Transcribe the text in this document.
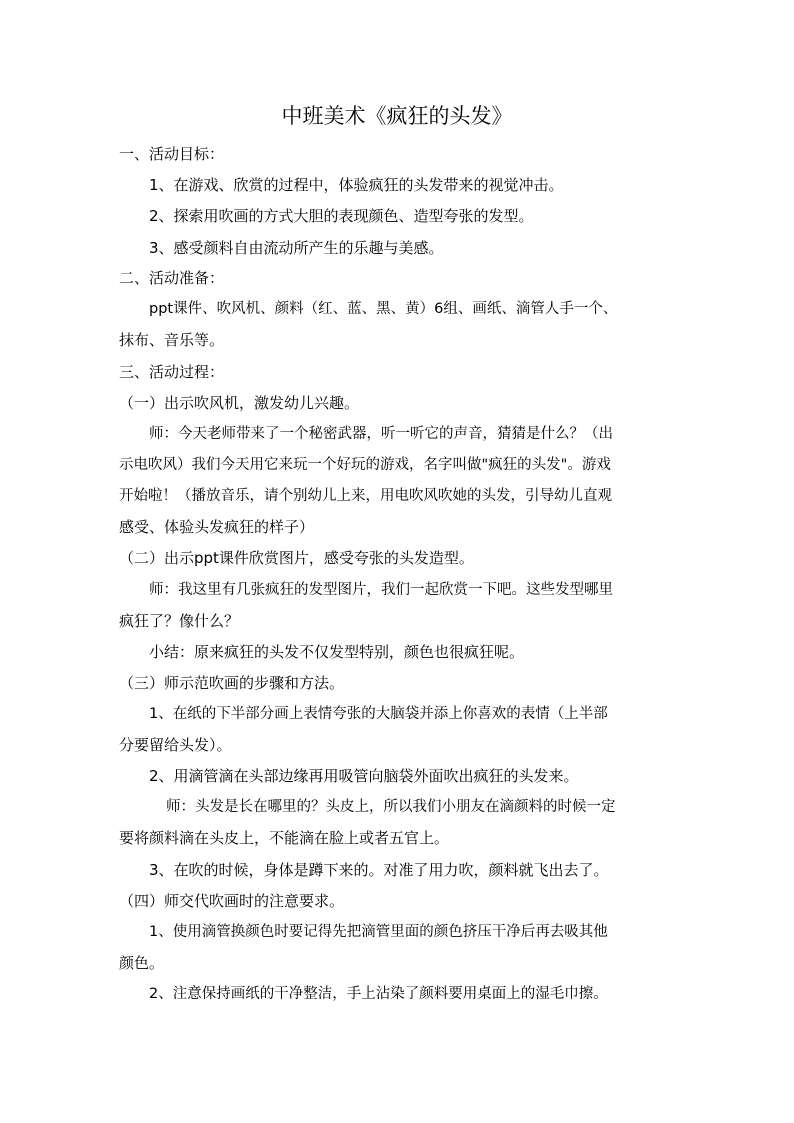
中班美术《疯狂的头发》
一、活动目标：
1、在游戏、欣赏的过程中，体验疯狂的头发带来的视觉冲击。
2、探索用吹画的方式大胆的表现颜色、造型夸张的发型。
3、感受颜料自由流动所产生的乐趣与美感。
二、活动准备：
ppt课件、吹风机、颜料（红、蓝、黑、黄）6组、画纸、滴管人手一个、
抹布、音乐等。
三、活动过程：
（一）出示吹风机，激发幼儿兴趣。
师：今天老师带来了一个秘密武器，听一听它的声音，猜猜是什么？（出
示电吹风）我们今天用它来玩一个好玩的游戏，名字叫做"疯狂的头发"。游戏
开始啦！（播放音乐，请个别幼儿上来，用电吹风吹她的头发，引导幼儿直观
感受、体验头发疯狂的样子）
（二）出示ppt课件欣赏图片，感受夸张的头发造型。
师：我这里有几张疯狂的发型图片，我们一起欣赏一下吧。这些发型哪里
疯狂了？像什么？
小结：原来疯狂的头发不仅发型特别，颜色也很疯狂呢。
（三）师示范吹画的步骤和方法。
1、在纸的下半部分画上表情夸张的大脑袋并添上你喜欢的表情（上半部
分要留给头发）。
2、用滴管滴在头部边缘再用吸管向脑袋外面吹出疯狂的头发来。
师：头发是长在哪里的？头皮上，所以我们小朋友在滴颜料的时候一定
要将颜料滴在头皮上，不能滴在脸上或者五官上。
3、在吹的时候，身体是蹲下来的。对准了用力吹，颜料就飞出去了。
（四）师交代吹画时的注意要求。
1、使用滴管换颜色时要记得先把滴管里面的颜色挤压干净后再去吸其他
颜色。
2、注意保持画纸的干净整洁，手上沾染了颜料要用桌面上的湿毛巾擦。
